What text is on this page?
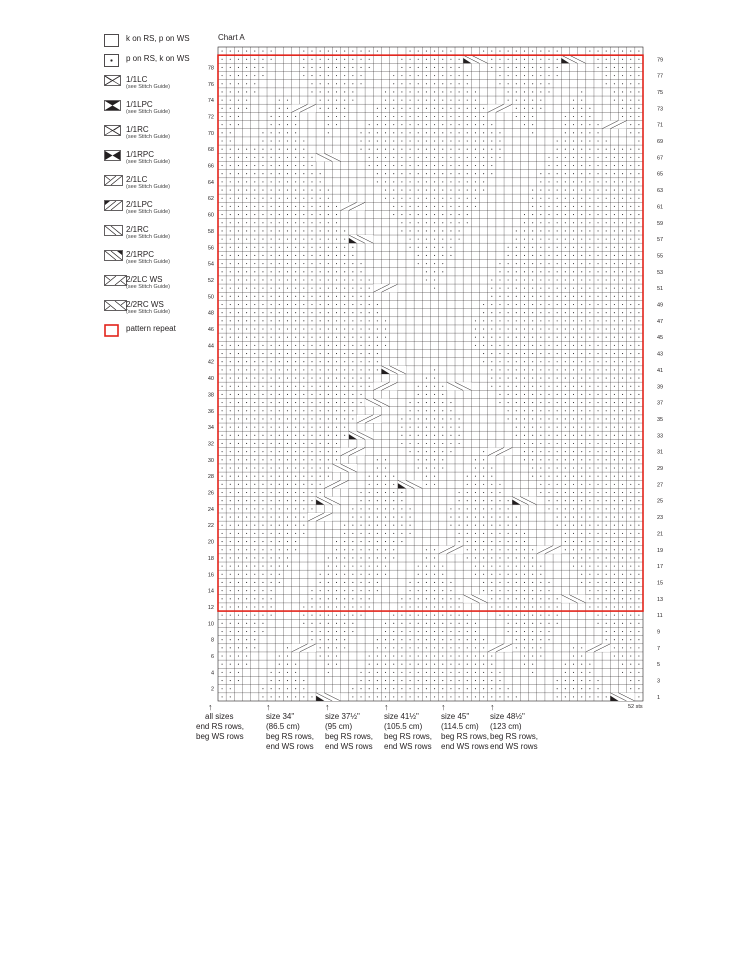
k on RS, p on WS
p on RS, k on WS
1/1LC
(see Stitch Guide)
1/1LPC
(see Stitch Guide)
1/1RC
(see Stitch Guide)
1/1RPC
(see Stitch Guide)
2/1LC
(see Stitch Guide)
2/1LPC
(see Stitch Guide)
2/1RC
(see Stitch Guide)
2/1RPC
(see Stitch Guide)
2/2LC WS
(see Stitch Guide)
2/2RC WS
(see Stitch Guide)
pattern repeat
Chart A
2
4
6
8
10
12
14
16
18
20
22
24
26
28
30
32
34
36
38
40
42
44
46
48
50
52
54
56
58
60
62
64
66
68
70
72
74
76
78
1
3
5
7
9
11
13
15
17
19
21
23
25
27
29
31
33
35
37
39
41
43
45
47
49
51
53
55
57
59
61
63
65
67
69
71
73
75
77
79
52 sts
↑
all sizes
end RS rows,
beg WS rows
↑
size 34"
(86.5 cm)
beg RS rows,
end WS rows
↑
size 37½"
(95 cm)
beg RS rows,
end WS rows
↑
size 41½"
(105.5 cm)
beg RS rows,
end WS rows
↑
size 45"
(114.5 cm)
beg RS rows,
end WS rows
↑
size 48½"
(123 cm)
beg RS rows,
end WS rows
